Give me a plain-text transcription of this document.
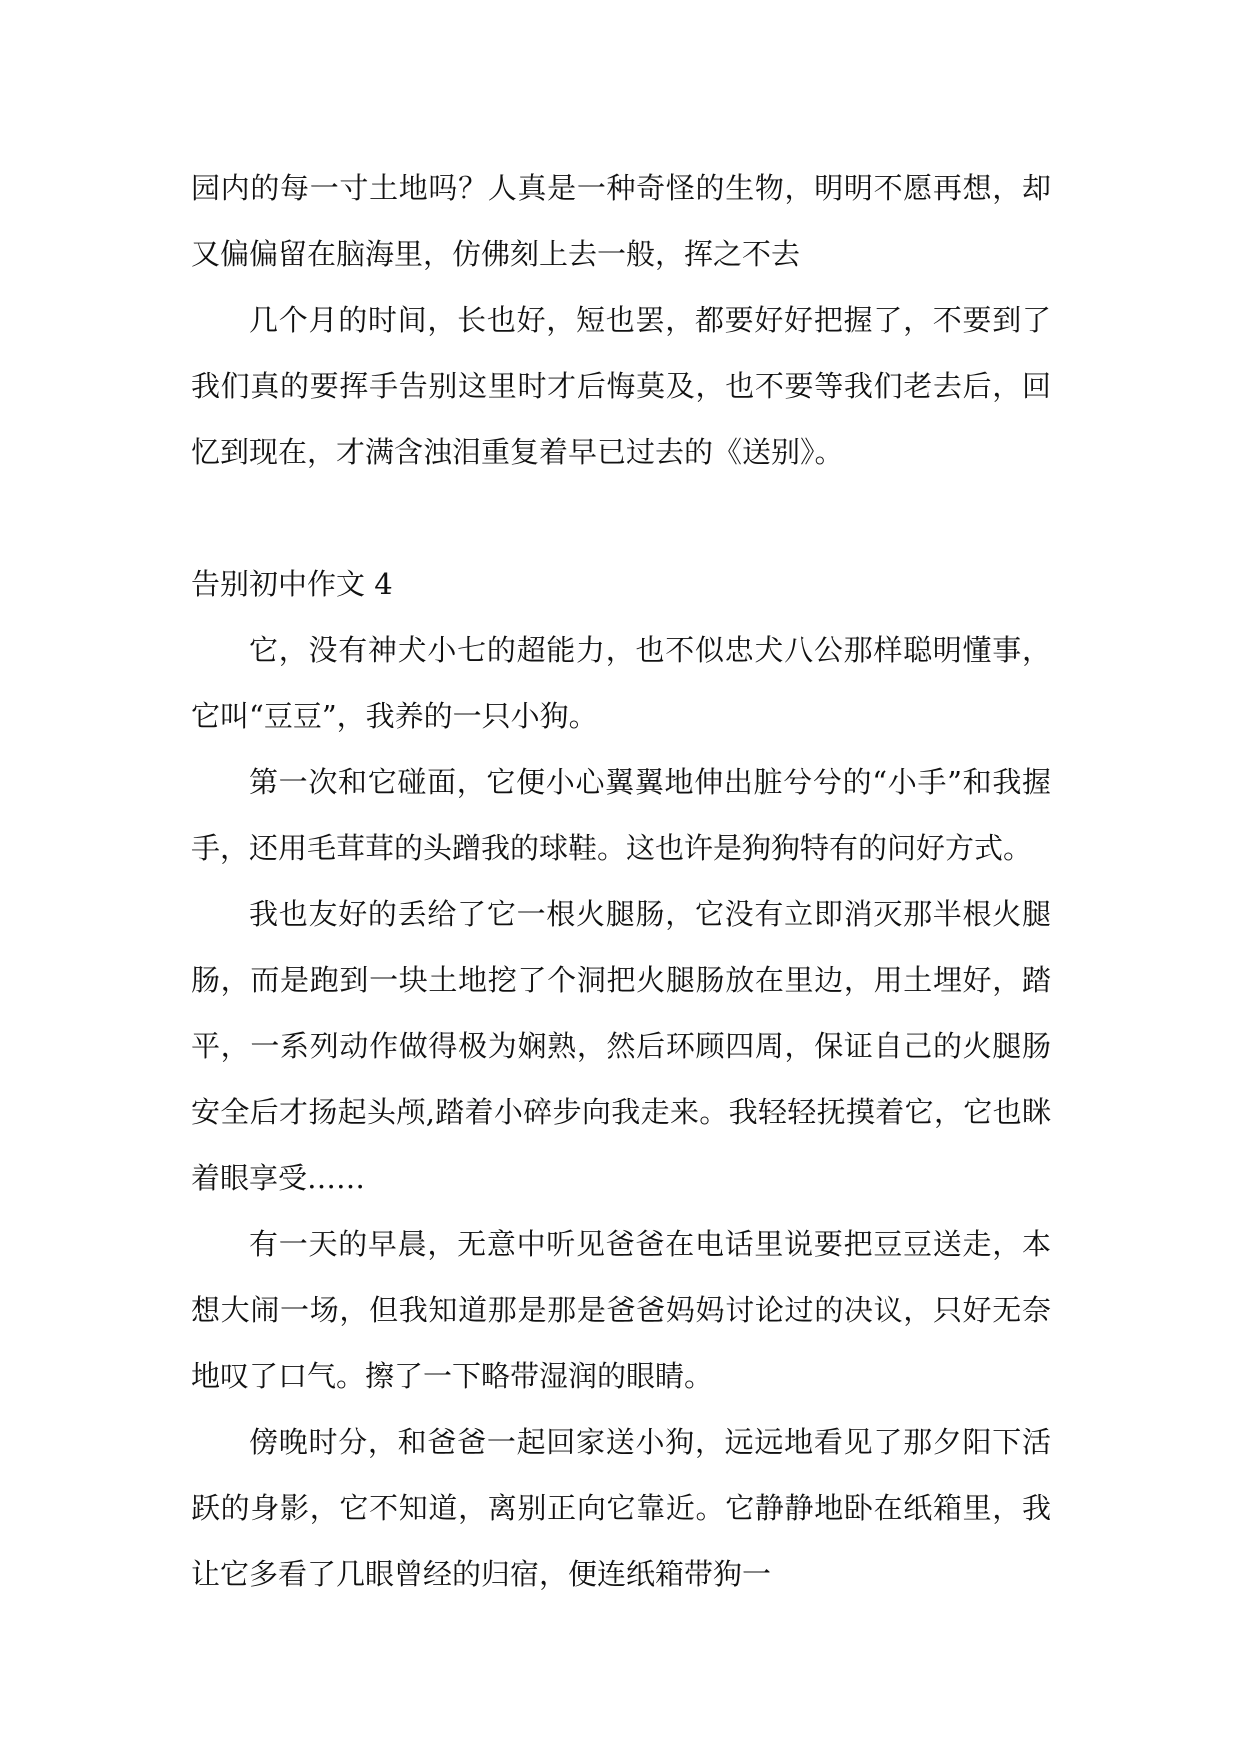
园内的每一寸土地吗？人真是一种奇怪的生物，明明不愿再想，却又偏偏留在脑海里，仿佛刻上去一般，挥之不去

几个月的时间，长也好，短也罢，都要好好把握了，不要到了我们真的要挥手告别这里时才后悔莫及，也不要等我们老去后，回忆到现在，才满含浊泪重复着早已过去的《送别》。

告别初中作文 4

它，没有神犬小七的超能力，也不似忠犬八公那样聪明懂事，它叫“豆豆”，我养的一只小狗。

第一次和它碰面，它便小心翼翼地伸出脏兮兮的“小手”和我握手，还用毛茸茸的头蹭我的球鞋。这也许是狗狗特有的问好方式。

我也友好的丢给了它一根火腿肠，它没有立即消灭那半根火腿肠，而是跑到一块土地挖了个洞把火腿肠放在里边，用土埋好，踏平，一系列动作做得极为娴熟，然后环顾四周，保证自己的火腿肠安全后才扬起头颅,踏着小碎步向我走来。我轻轻抚摸着它，它也眯着眼享受……

有一天的早晨，无意中听见爸爸在电话里说要把豆豆送走，本想大闹一场，但我知道那是那是爸爸妈妈讨论过的决议，只好无奈地叹了口气。擦了一下略带湿润的眼睛。

傍晚时分，和爸爸一起回家送小狗，远远地看见了那夕阳下活跃的身影，它不知道，离别正向它靠近。它静静地卧在纸箱里，我让它多看了几眼曾经的归宿，便连纸箱带狗一
